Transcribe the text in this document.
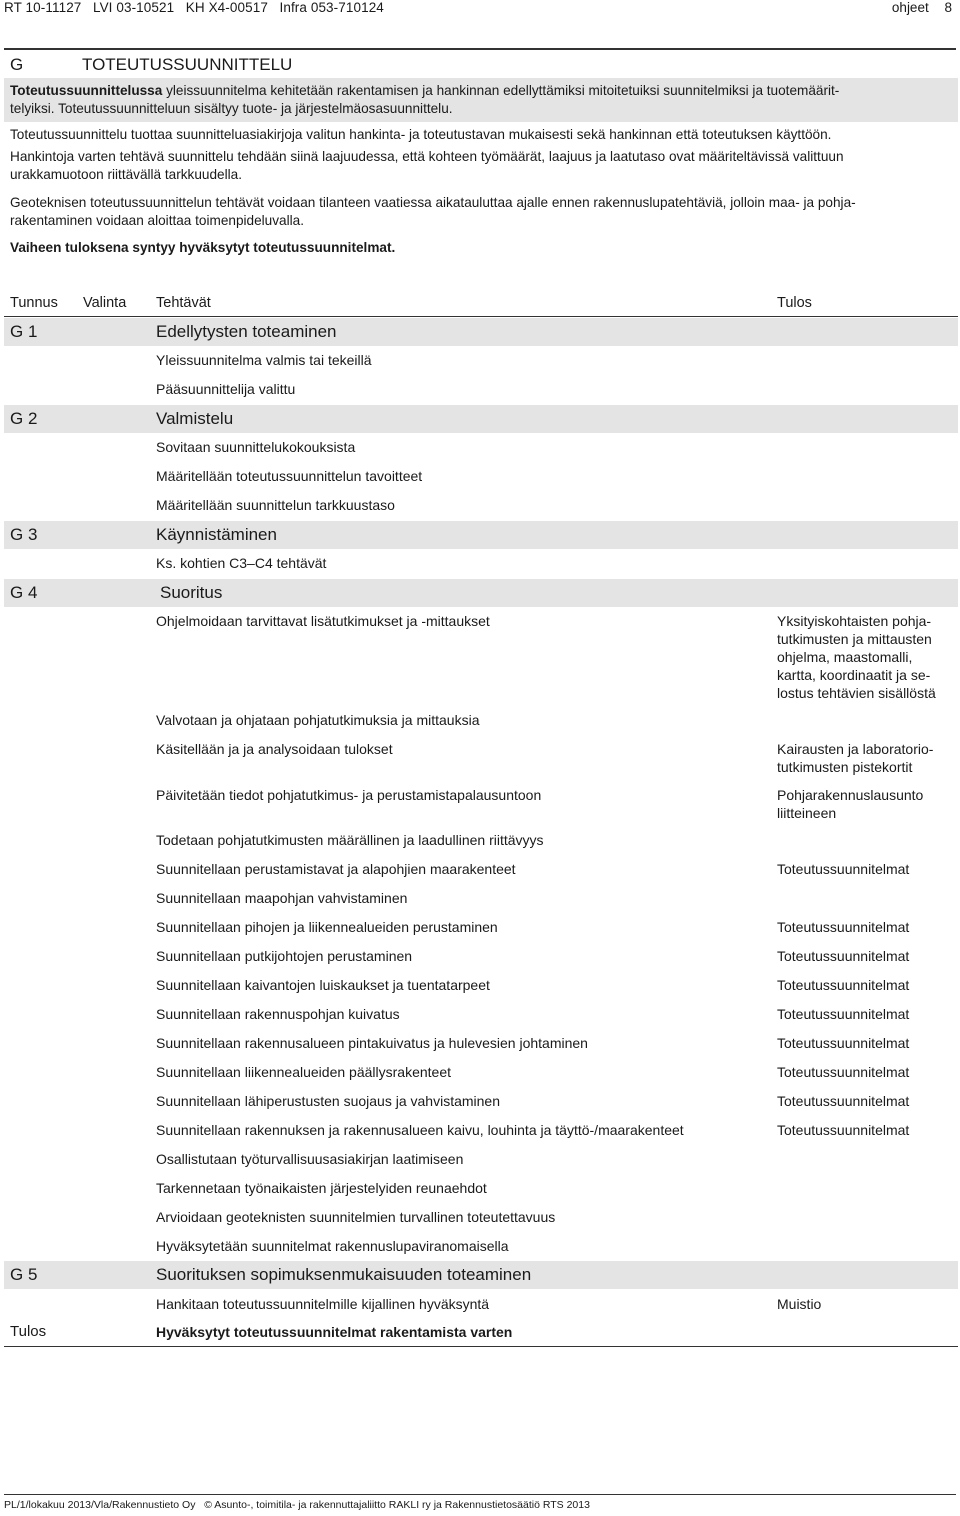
RT 10-11127   LVI 03-10521   KH X4-00517   Infra 053-710124	ohjeet 8
G	TOTEUTUSSUUNNITTELU
Toteutussuunnittelussa yleissuunnitelma kehitetään rakentamisen ja hankinnan edellyttämiksi mitoitetuiksi suunnitelmiksi ja tuotemäärit-
telyiksi. Toteutussuunnitteluun sisältyy tuote- ja järjestelmäosasuunnittelu.
Toteutussuunnittelu tuottaa suunnitteluasiakirjoja valitun hankinta- ja toteutustavan mukaisesti sekä hankinnan että toteutuksen käyttöön.
Hankintoja varten tehtävä suunnittelu tehdään siinä laajuudessa, että kohteen työmäärät, laajuus ja laatutaso ovat määriteltävissä valittuun
urakkamuotoon riittävällä tarkkuudella.
Geoteknisen toteutussuunnittelun tehtävät voidaan tilanteen vaatiessa aikatauluttaa ajalle ennen rakennuslupatehtäviä, jolloin maa- ja pohja-
rakentaminen voidaan aloittaa toimenpideluvalla.
Vaiheen tuloksena syntyy hyväksytyt toteutussuunnitelmat.
Tunnus Valinta Tehtävät	Tulos
G 1	Edellytysten toteaminen
Yleissuunnitelma valmis tai tekeillä
Pääsuunnittelija valittu
G 2	Valmistelu
Sovitaan suunnittelukokouksista
Määritellään toteutussuunnittelun tavoitteet
Määritellään suunnittelun tarkkuustaso
G 3	Käynnistäminen
Ks. kohtien C3–C4 tehtävät
G 4	Suoritus
Ohjelmoidaan tarvittavat lisätutkimukset ja -mittaukset	Yksityiskohtaisten pohja-
tutkimusten ja mittausten
ohjelma, maastomalli,
kartta, koordinaatit ja se-
lostus tehtävien sisällöstä
Valvotaan ja ohjataan pohjatutkimuksia ja mittauksia
Käsitellään ja ja analysoidaan tulokset	Kairausten ja laboratorio-
tutkimusten pistekortit
Päivitetään tiedot pohjatutkimus- ja perustamistapalausuntoon	Pohjarakennuslausunto
liitteineen
Todetaan pohjatutkimusten määrällinen ja laadullinen riittävyys
Suunnitellaan perustamistavat ja alapohjien maarakenteet	Toteutussuunnitelmat
Suunnitellaan maapohjan vahvistaminen
Suunnitellaan pihojen ja liikennealueiden perustaminen	Toteutussuunnitelmat
Suunnitellaan putkijohtojen perustaminen	Toteutussuunnitelmat
Suunnitellaan kaivantojen luiskaukset ja tuentatarpeet	Toteutussuunnitelmat
Suunnitellaan rakennuspohjan kuivatus	Toteutussuunnitelmat
Suunnitellaan rakennusalueen pintakuivatus ja hulevesien johtaminen	Toteutussuunnitelmat
Suunnitellaan liikennealueiden päällysrakenteet	Toteutussuunnitelmat
Suunnitellaan lähiperustusten suojaus ja vahvistaminen	Toteutussuunnitelmat
Suunnitellaan rakennuksen ja rakennusalueen kaivu, louhinta ja täyttö-/maarakenteet	Toteutussuunnitelmat
Osallistutaan työturvallisuusasiakirjan laatimiseen
Tarkennetaan työnaikaisten järjestelyiden reunaehdot
Arvioidaan geoteknisten suunnitelmien turvallinen toteutettavuus
Hyväksytetään suunnitelmat rakennuslupaviranomaisella
G 5	Suorituksen sopimuksenmukaisuuden toteaminen
Hankitaan toteutussuunnitelmille kijallinen hyväksyntä	Muistio
Tulos	Hyväksytyt toteutussuunnitelmat rakentamista varten
PL/1/lokakuu 2013/Vla/Rakennustieto Oy   © Asunto-, toimitila- ja rakennuttajaliitto RAKLI ry ja Rakennustietosäätiö RTS 2013
